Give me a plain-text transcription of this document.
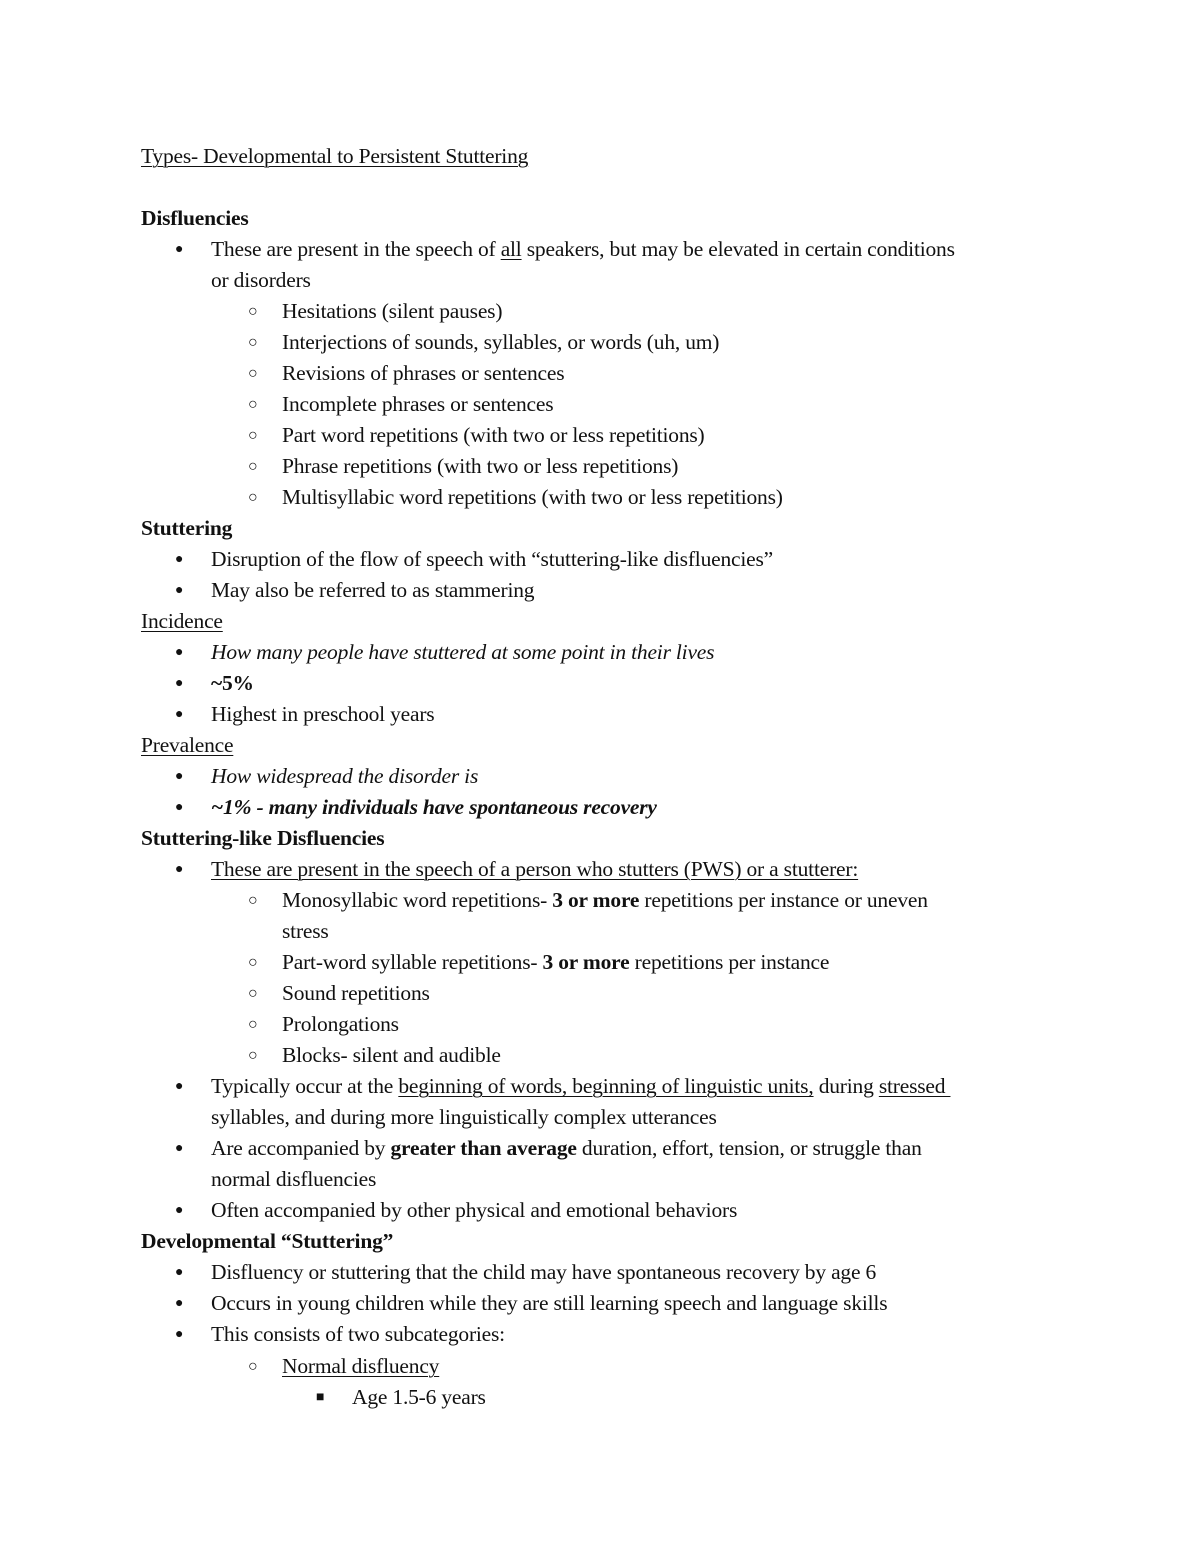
Types- Developmental to Persistent Stuttering
Disfluencies
● These are present in the speech of all speakers, but may be elevated in certain conditions
or disorders
○ Hesitations (silent pauses)
○ Interjections of sounds, syllables, or words (uh, um)
○ Revisions of phrases or sentences
○ Incomplete phrases or sentences
○ Part word repetitions (with two or less repetitions)
○ Phrase repetitions (with two or less repetitions)
○ Multisyllabic word repetitions (with two or less repetitions)
Stuttering
● Disruption of the flow of speech with “stuttering-like disfluencies”
● May also be referred to as stammering
Incidence
● How many people have stuttered at some point in their lives
● ~5%
● Highest in preschool years
Prevalence
● How widespread the disorder is
● ~1% - many individuals have spontaneous recovery
Stuttering-like Disfluencies
● These are present in the speech of a person who stutters (PWS) or a stutterer:
○ Monosyllabic word repetitions- 3 or more repetitions per instance or uneven
stress
○ Part-word syllable repetitions- 3 or more repetitions per instance
○ Sound repetitions
○ Prolongations
○ Blocks- silent and audible
● Typically occur at the beginning of words, beginning of linguistic units, during stressed
syllables, and during more linguistically complex utterances
● Are accompanied by greater than average duration, effort, tension, or struggle than
normal disfluencies
● Often accompanied by other physical and emotional behaviors
Developmental “Stuttering”
● Disfluency or stuttering that the child may have spontaneous recovery by age 6
● Occurs in young children while they are still learning speech and language skills
● This consists of two subcategories:
○ Normal disfluency
■ Age 1.5-6 years
